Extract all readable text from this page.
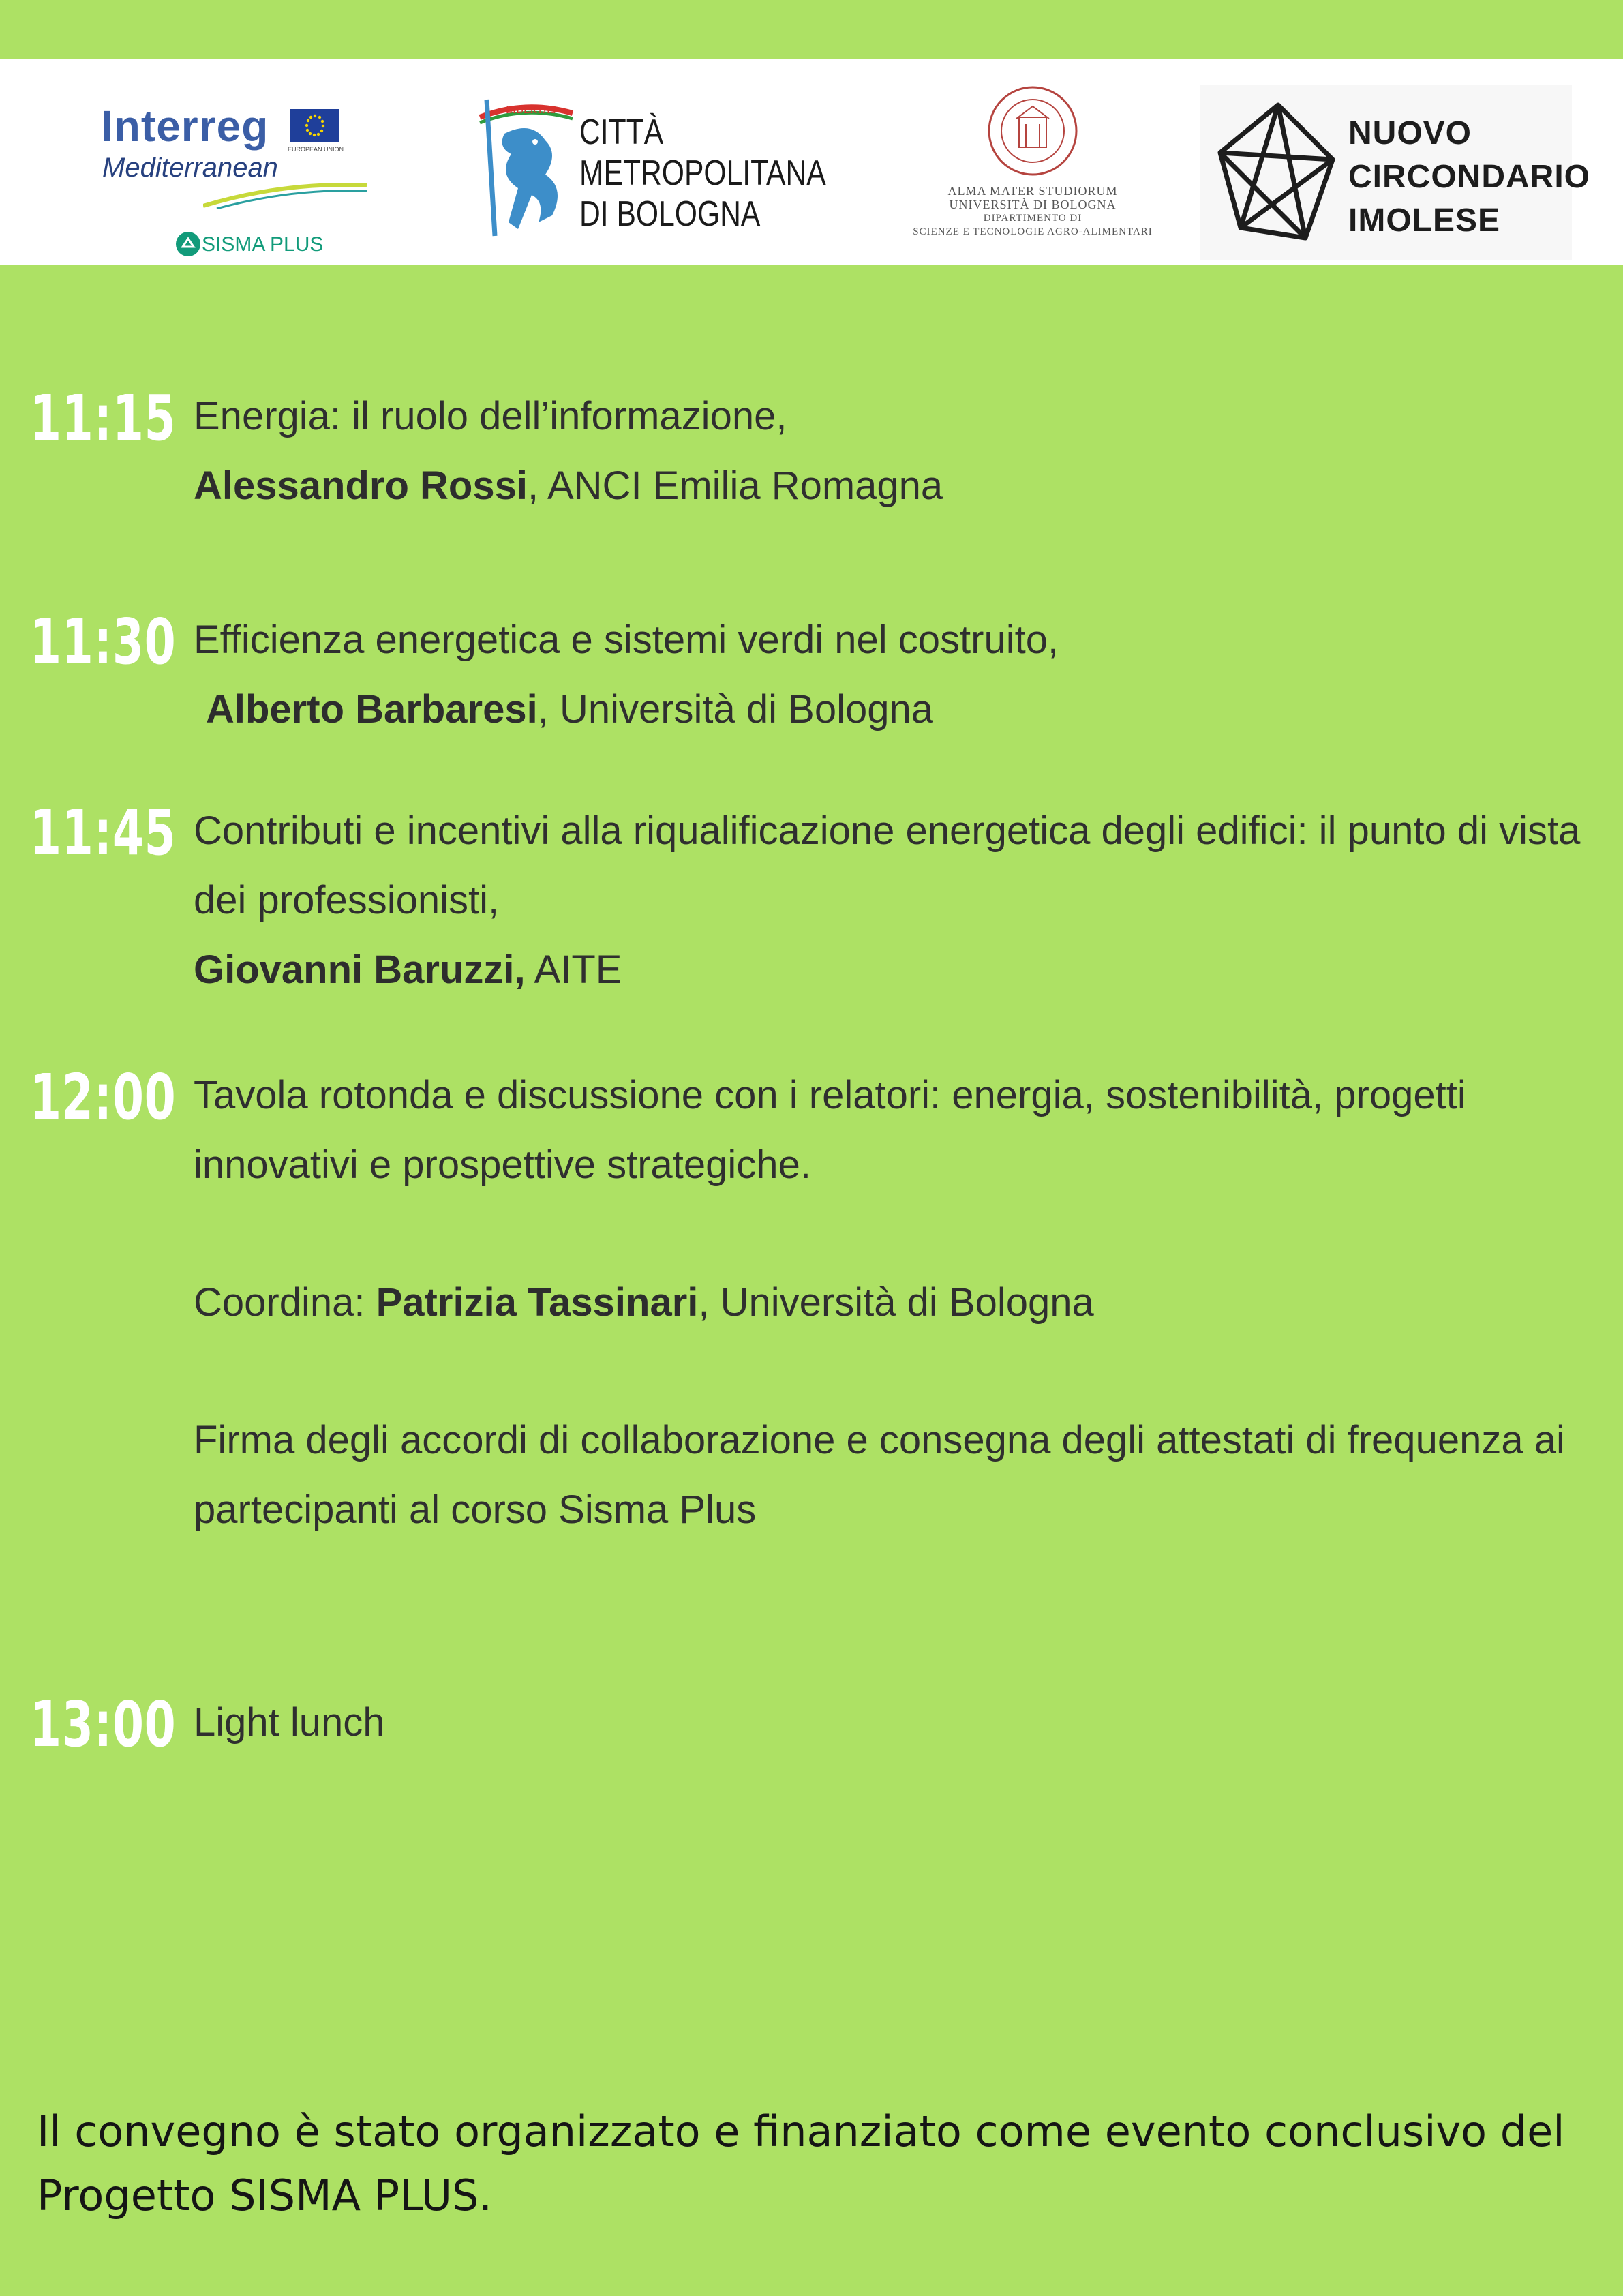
Interreg	EUROPEAN UNION
Mediterranean
SISMA PLUS
LIBERTAS
CITTÀ
METROPOLITANA
DI BOLOGNA
ALMA MATER STUDIORUM
UNIVERSITÀ DI BOLOGNA
DIPARTIMENTO DI
SCIENZE E TECNOLOGIE AGRO-ALIMENTARI
NUOVO
CIRCONDARIO
IMOLESE
11:15 Energia: il ruolo dell’informazione,

Alessandro Rossi, ANCI Emilia Romagna

11:30 Efficienza energetica e sistemi verdi nel costruito,

Alberto Barbaresi, Università di Bologna

11:45 Contributi e incentivi alla riqualificazione energetica degli edifici: il punto di vista dei professionisti,

Giovanni Baruzzi, AITE

12:00 Tavola rotonda e discussione con i relatori: energia, sostenibilità, progetti innovativi e prospettive strategiche.

Coordina: Patrizia Tassinari, Università di Bologna

Firma degli accordi di collaborazione e consegna degli attestati di frequenza ai partecipanti al corso Sisma Plus

13:00 Light lunch

Il convegno è stato organizzato e finanziato come evento conclusivo del Progetto SISMA PLUS.
